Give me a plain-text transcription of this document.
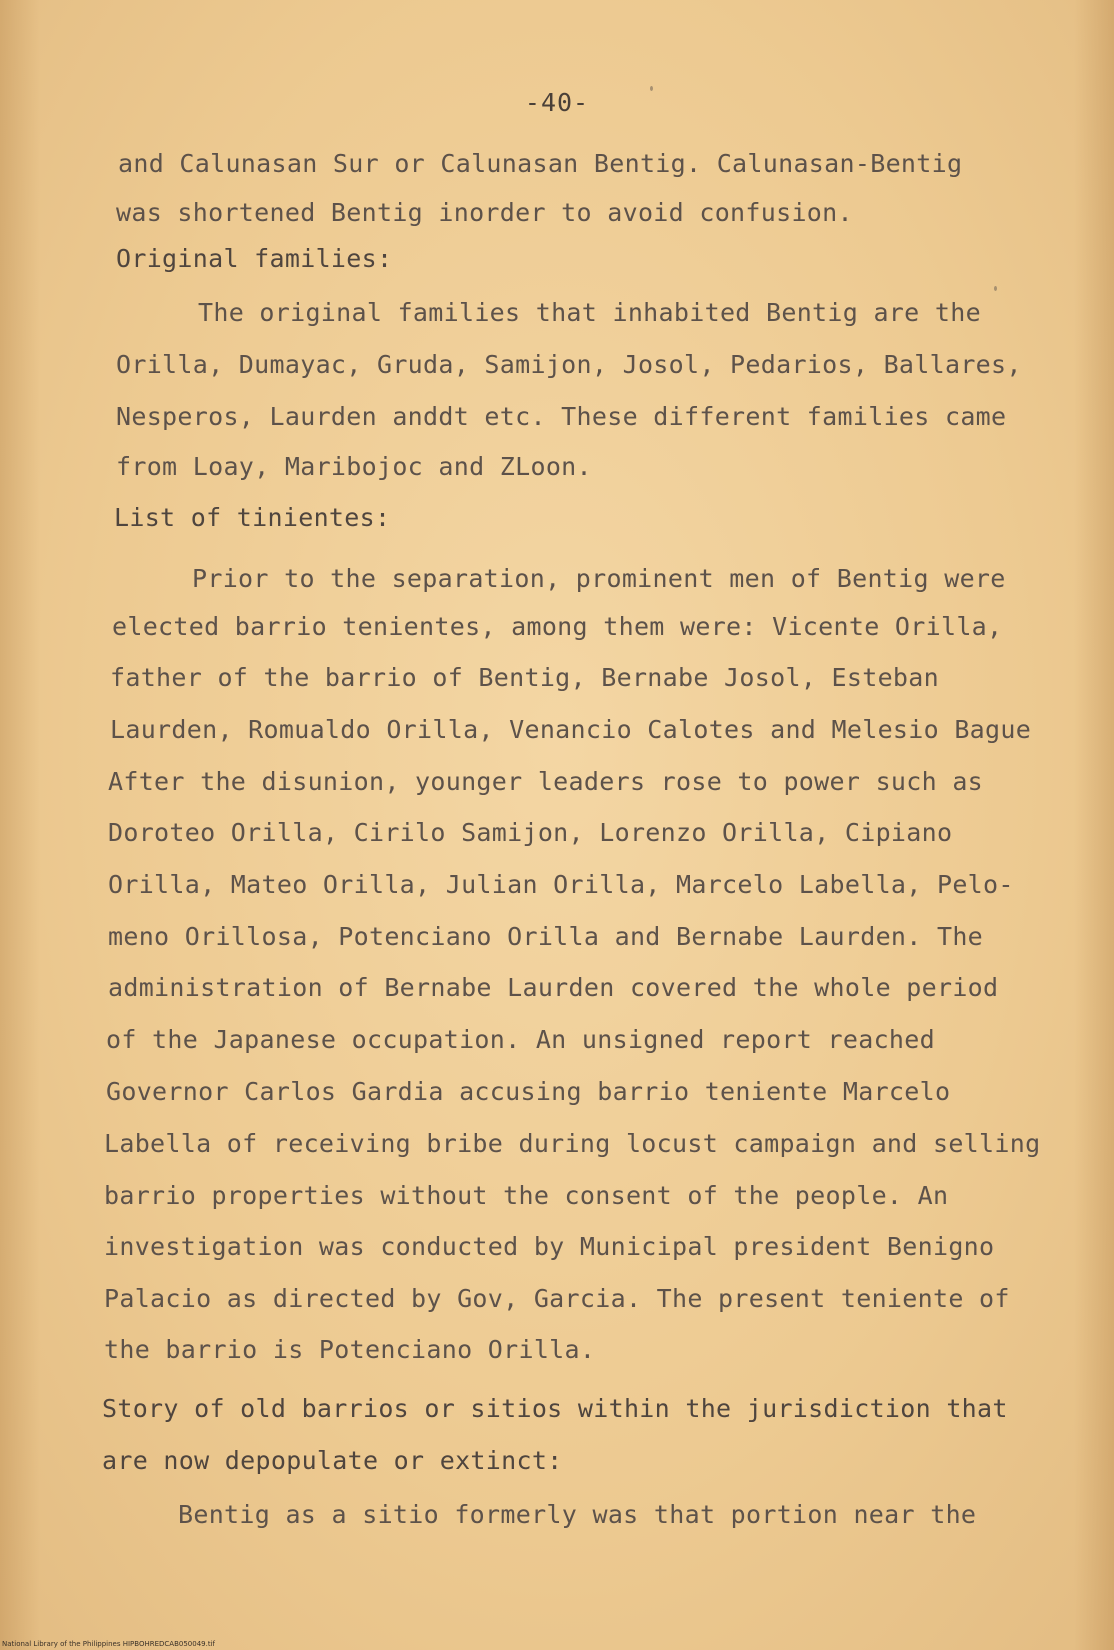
-40-
and Calunasan Sur or Calunasan Bentig. Calunasan-Bentig
was shortened Bentig inorder to avoid confusion.
Original families:
The original families that inhabited Bentig are the
Orilla, Dumayac, Gruda, Samijon, Josol, Pedarios, Ballares,
Nesperos, Laurden anddt etc. These different families came
from Loay, Maribojoc and ZLoon.
List of tinientes:
Prior to the separation, prominent men of Bentig were
elected barrio tenientes, among them were: Vicente Orilla,
father of the barrio of Bentig, Bernabe Josol, Esteban
Laurden, Romualdo Orilla, Venancio Calotes and Melesio Bague
After the disunion, younger leaders rose to power such as
Doroteo Orilla, Cirilo Samijon, Lorenzo Orilla, Cipiano
Orilla, Mateo Orilla, Julian Orilla, Marcelo Labella, Pelo-
meno Orillosa, Potenciano Orilla and Bernabe Laurden. The
administration of Bernabe Laurden covered the whole period
of the Japanese occupation. An unsigned report reached
Governor Carlos Gardia accusing barrio teniente Marcelo
Labella of receiving bribe during locust campaign and selling
barrio properties without the consent of the people. An
investigation was conducted by Municipal president Benigno
Palacio as directed by Gov, Garcia. The present teniente of
the barrio is Potenciano Orilla.
Story of old barrios or sitios within the jurisdiction that
are now depopulate or extinct:
Bentig as a sitio formerly was that portion near the
National Library of the Philippines HIPBOHREDCAB050049.tif
